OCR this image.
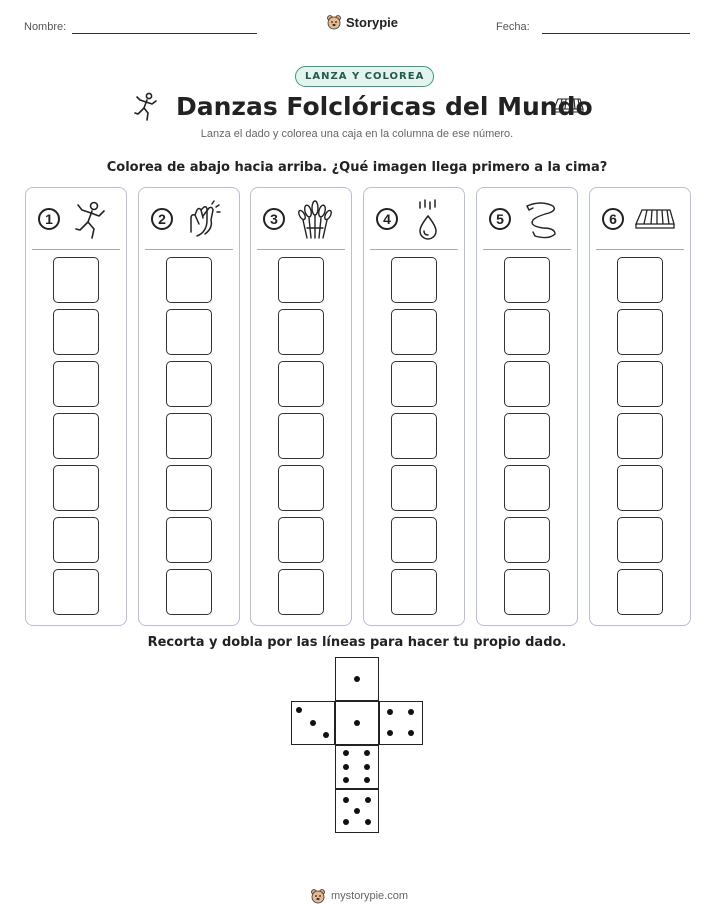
Nombre:	Storypie	Fecha:
LANZA Y COLOREA
Danzas Folclóricas del Mundo
Lanza el dado y colorea una caja en la columna de ese número.
Colorea de abajo hacia arriba. ¿Qué imagen llega primero a la cima?
1	2	3	4	5	6
Recorta y dobla por las líneas para hacer tu propio dado.
mystorypie.com
